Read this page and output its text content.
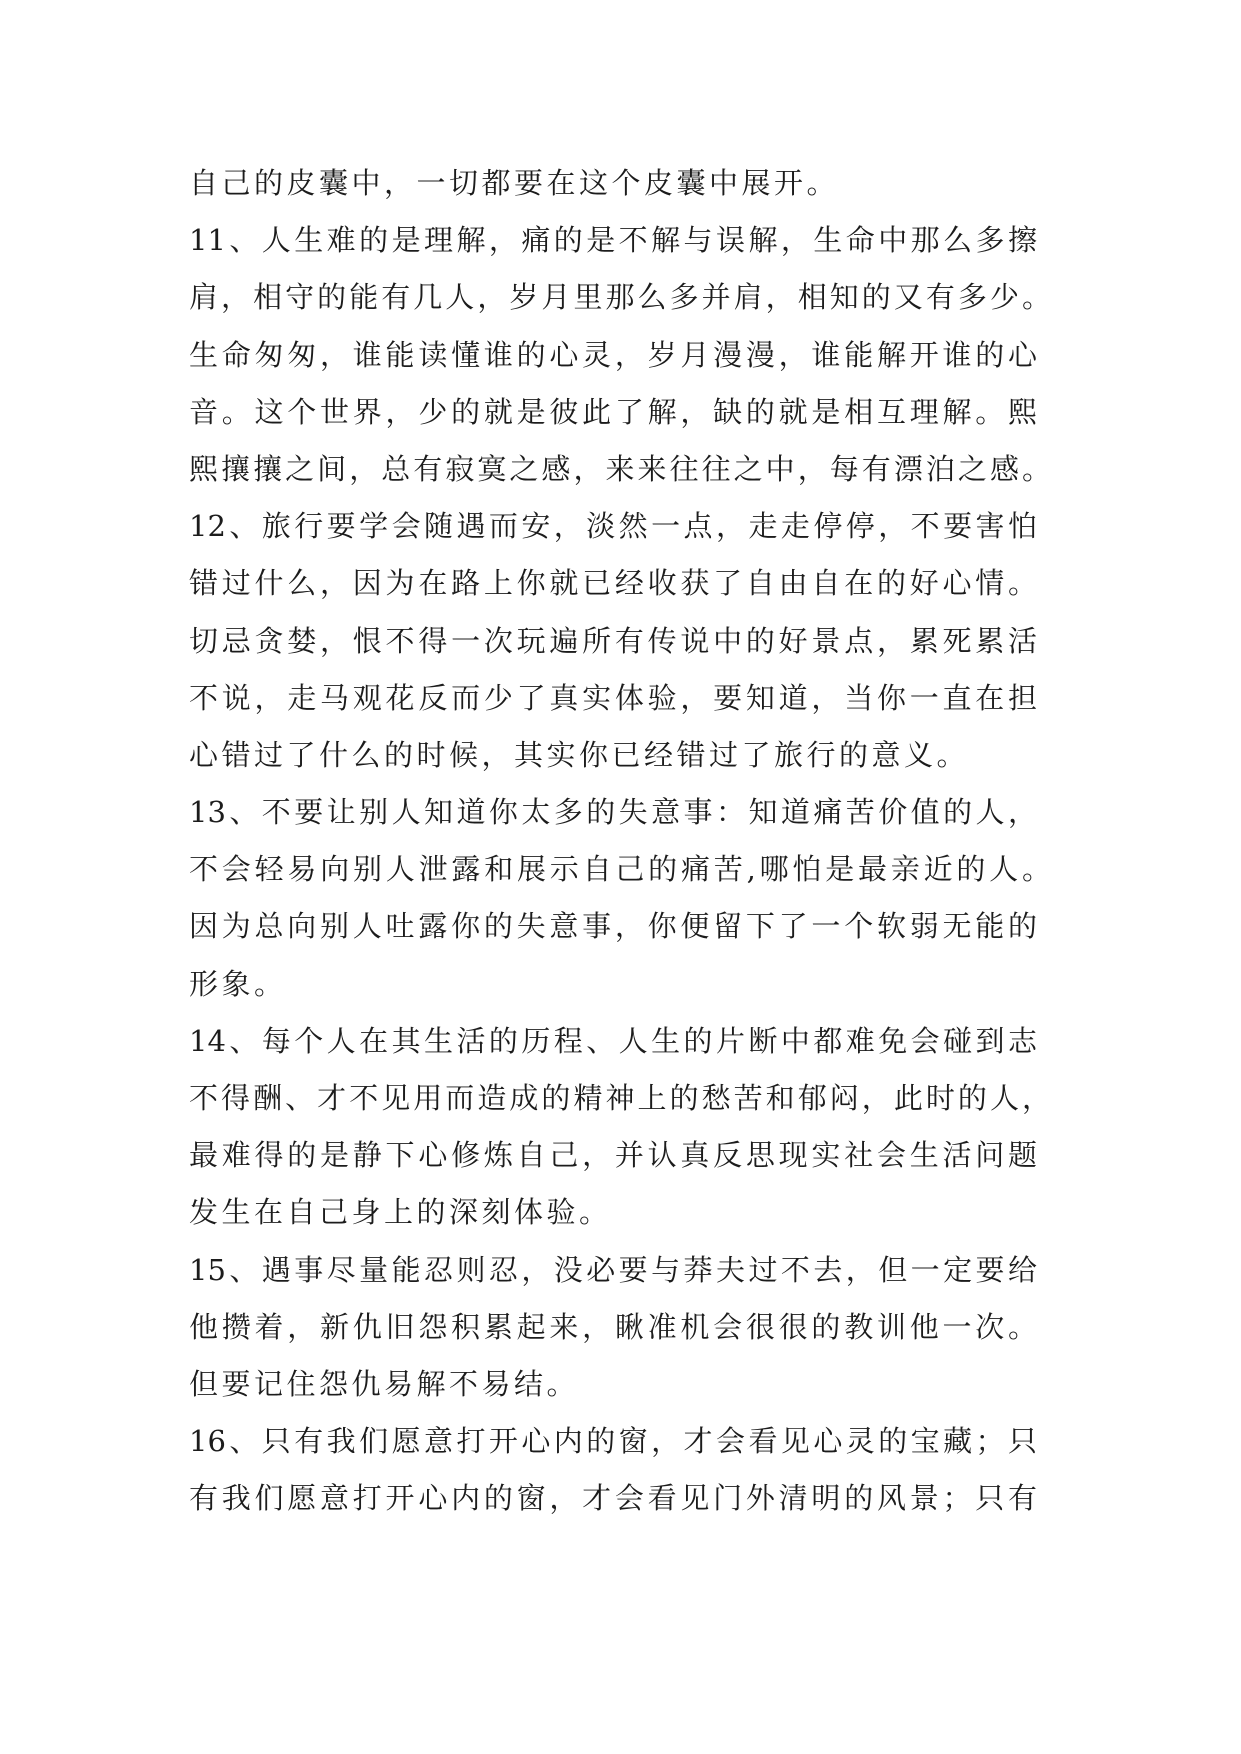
自己的皮囊中，一切都要在这个皮囊中展开。
11、人生难的是理解，痛的是不解与误解，生命中那么多擦
肩，相守的能有几人，岁月里那么多并肩，相知的又有多少。
生命匆匆，谁能读懂谁的心灵，岁月漫漫，谁能解开谁的心
音。这个世界，少的就是彼此了解，缺的就是相互理解。熙
熙攘攘之间，总有寂寞之感，来来往往之中，每有漂泊之感。
12、旅行要学会随遇而安，淡然一点，走走停停，不要害怕
错过什么，因为在路上你就已经收获了自由自在的好心情。
切忌贪婪，恨不得一次玩遍所有传说中的好景点，累死累活
不说，走马观花反而少了真实体验，要知道，当你一直在担
心错过了什么的时候，其实你已经错过了旅行的意义。
13、不要让别人知道你太多的失意事：知道痛苦价值的人，
不会轻易向别人泄露和展示自己的痛苦,哪怕是最亲近的人。
因为总向别人吐露你的失意事，你便留下了一个软弱无能的
形象。
14、每个人在其生活的历程、人生的片断中都难免会碰到志
不得酬、才不见用而造成的精神上的愁苦和郁闷，此时的人，
最难得的是静下心修炼自己，并认真反思现实社会生活问题
发生在自己身上的深刻体验。
15、遇事尽量能忍则忍，没必要与莽夫过不去，但一定要给
他攒着，新仇旧怨积累起来，瞅准机会很很的教训他一次。
但要记住怨仇易解不易结。
16、只有我们愿意打开心内的窗，才会看见心灵的宝藏；只
有我们愿意打开心内的窗，才会看见门外清明的风景；只有
